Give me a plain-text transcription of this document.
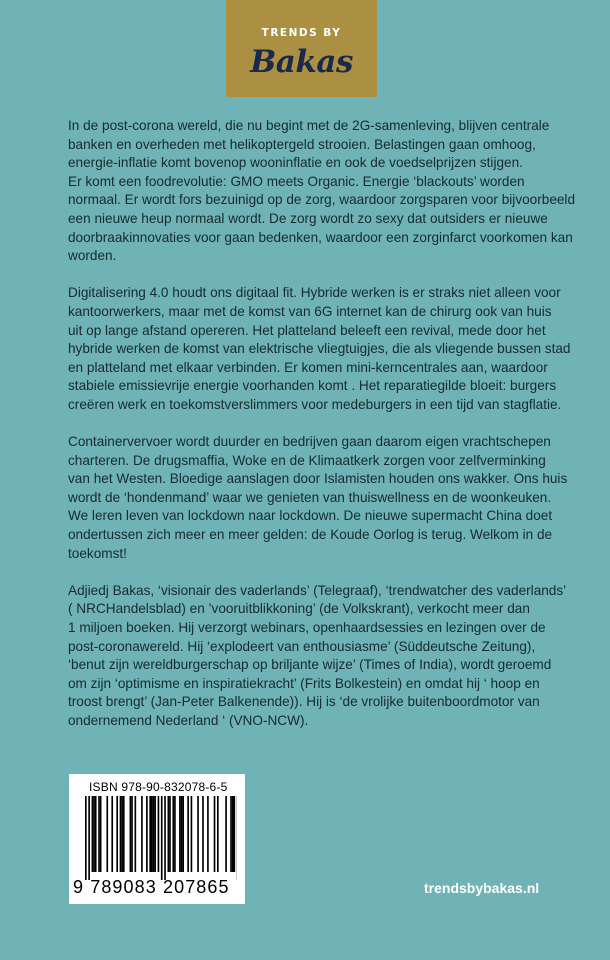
TRENDS BY
Bakas

In de post-corona wereld, die nu begint met de 2G-samenleving, blijven centrale
banken en overheden met helikoptergeld strooien. Belastingen gaan omhoog,
energie-inflatie komt bovenop wooninflatie en ook de voedselprijzen stijgen.
Er komt een foodrevolutie: GMO meets Organic. Energie ‘blackouts’ worden
normaal. Er wordt fors bezuinigd op de zorg, waardoor zorgsparen voor bijvoorbeeld
een nieuwe heup normaal wordt. De zorg wordt zo sexy dat outsiders er nieuwe
doorbraakinnovaties voor gaan bedenken, waardoor een zorginfarct voorkomen kan
worden.

Digitalisering 4.0 houdt ons digitaal fit. Hybride werken is er straks niet alleen voor
kantoorwerkers, maar met de komst van 6G internet kan de chirurg ook van huis
uit op lange afstand opereren. Het platteland beleeft een revival, mede door het
hybride werken de komst van elektrische vliegtuigjes, die als vliegende bussen stad
en platteland met elkaar verbinden. Er komen mini-kerncentrales aan, waardoor
stabiele emissievrije energie voorhanden komt . Het reparatiegilde bloeit: burgers
creëren werk en toekomstverslimmers voor medeburgers in een tijd van stagflatie.

Containervervoer wordt duurder en bedrijven gaan daarom eigen vrachtschepen
charteren. De drugsmaffia, Woke en de Klimaatkerk zorgen voor zelfverminking
van het Westen. Bloedige aanslagen door Islamisten houden ons wakker. Ons huis
wordt de ‘hondenmand’ waar we genieten van thuiswellness en de woonkeuken.
We leren leven van lockdown naar lockdown. De nieuwe supermacht China doet
ondertussen zich meer en meer gelden: de Koude Oorlog is terug. Welkom in de
toekomst!

Adjiedj Bakas, ‘visionair des vaderlands’ (Telegraaf), ‘trendwatcher des vaderlands’
( NRCHandelsblad) en ’vooruitblikkoning’ (de Volkskrant), verkocht meer dan
1 miljoen boeken. Hij verzorgt webinars, openhaardsessies en lezingen over de
post-coronawereld. Hij ‘explodeert van enthousiasme’ (Süddeutsche Zeitung),
‘benut zijn wereldburgerschap op briljante wijze’ (Times of India), wordt geroemd
om zijn ‘optimisme en inspiratiekracht’ (Frits Bolkestein) en omdat hij ‘ hoop en
troost brengt’ (Jan-Peter Balkenende)). Hij is ‘de vrolijke buitenboordmotor van
ondernemend Nederland ‘ (VNO-NCW).

ISBN 978-90-832078-6-5
9 789083 207865	trendsbybakas.nl
